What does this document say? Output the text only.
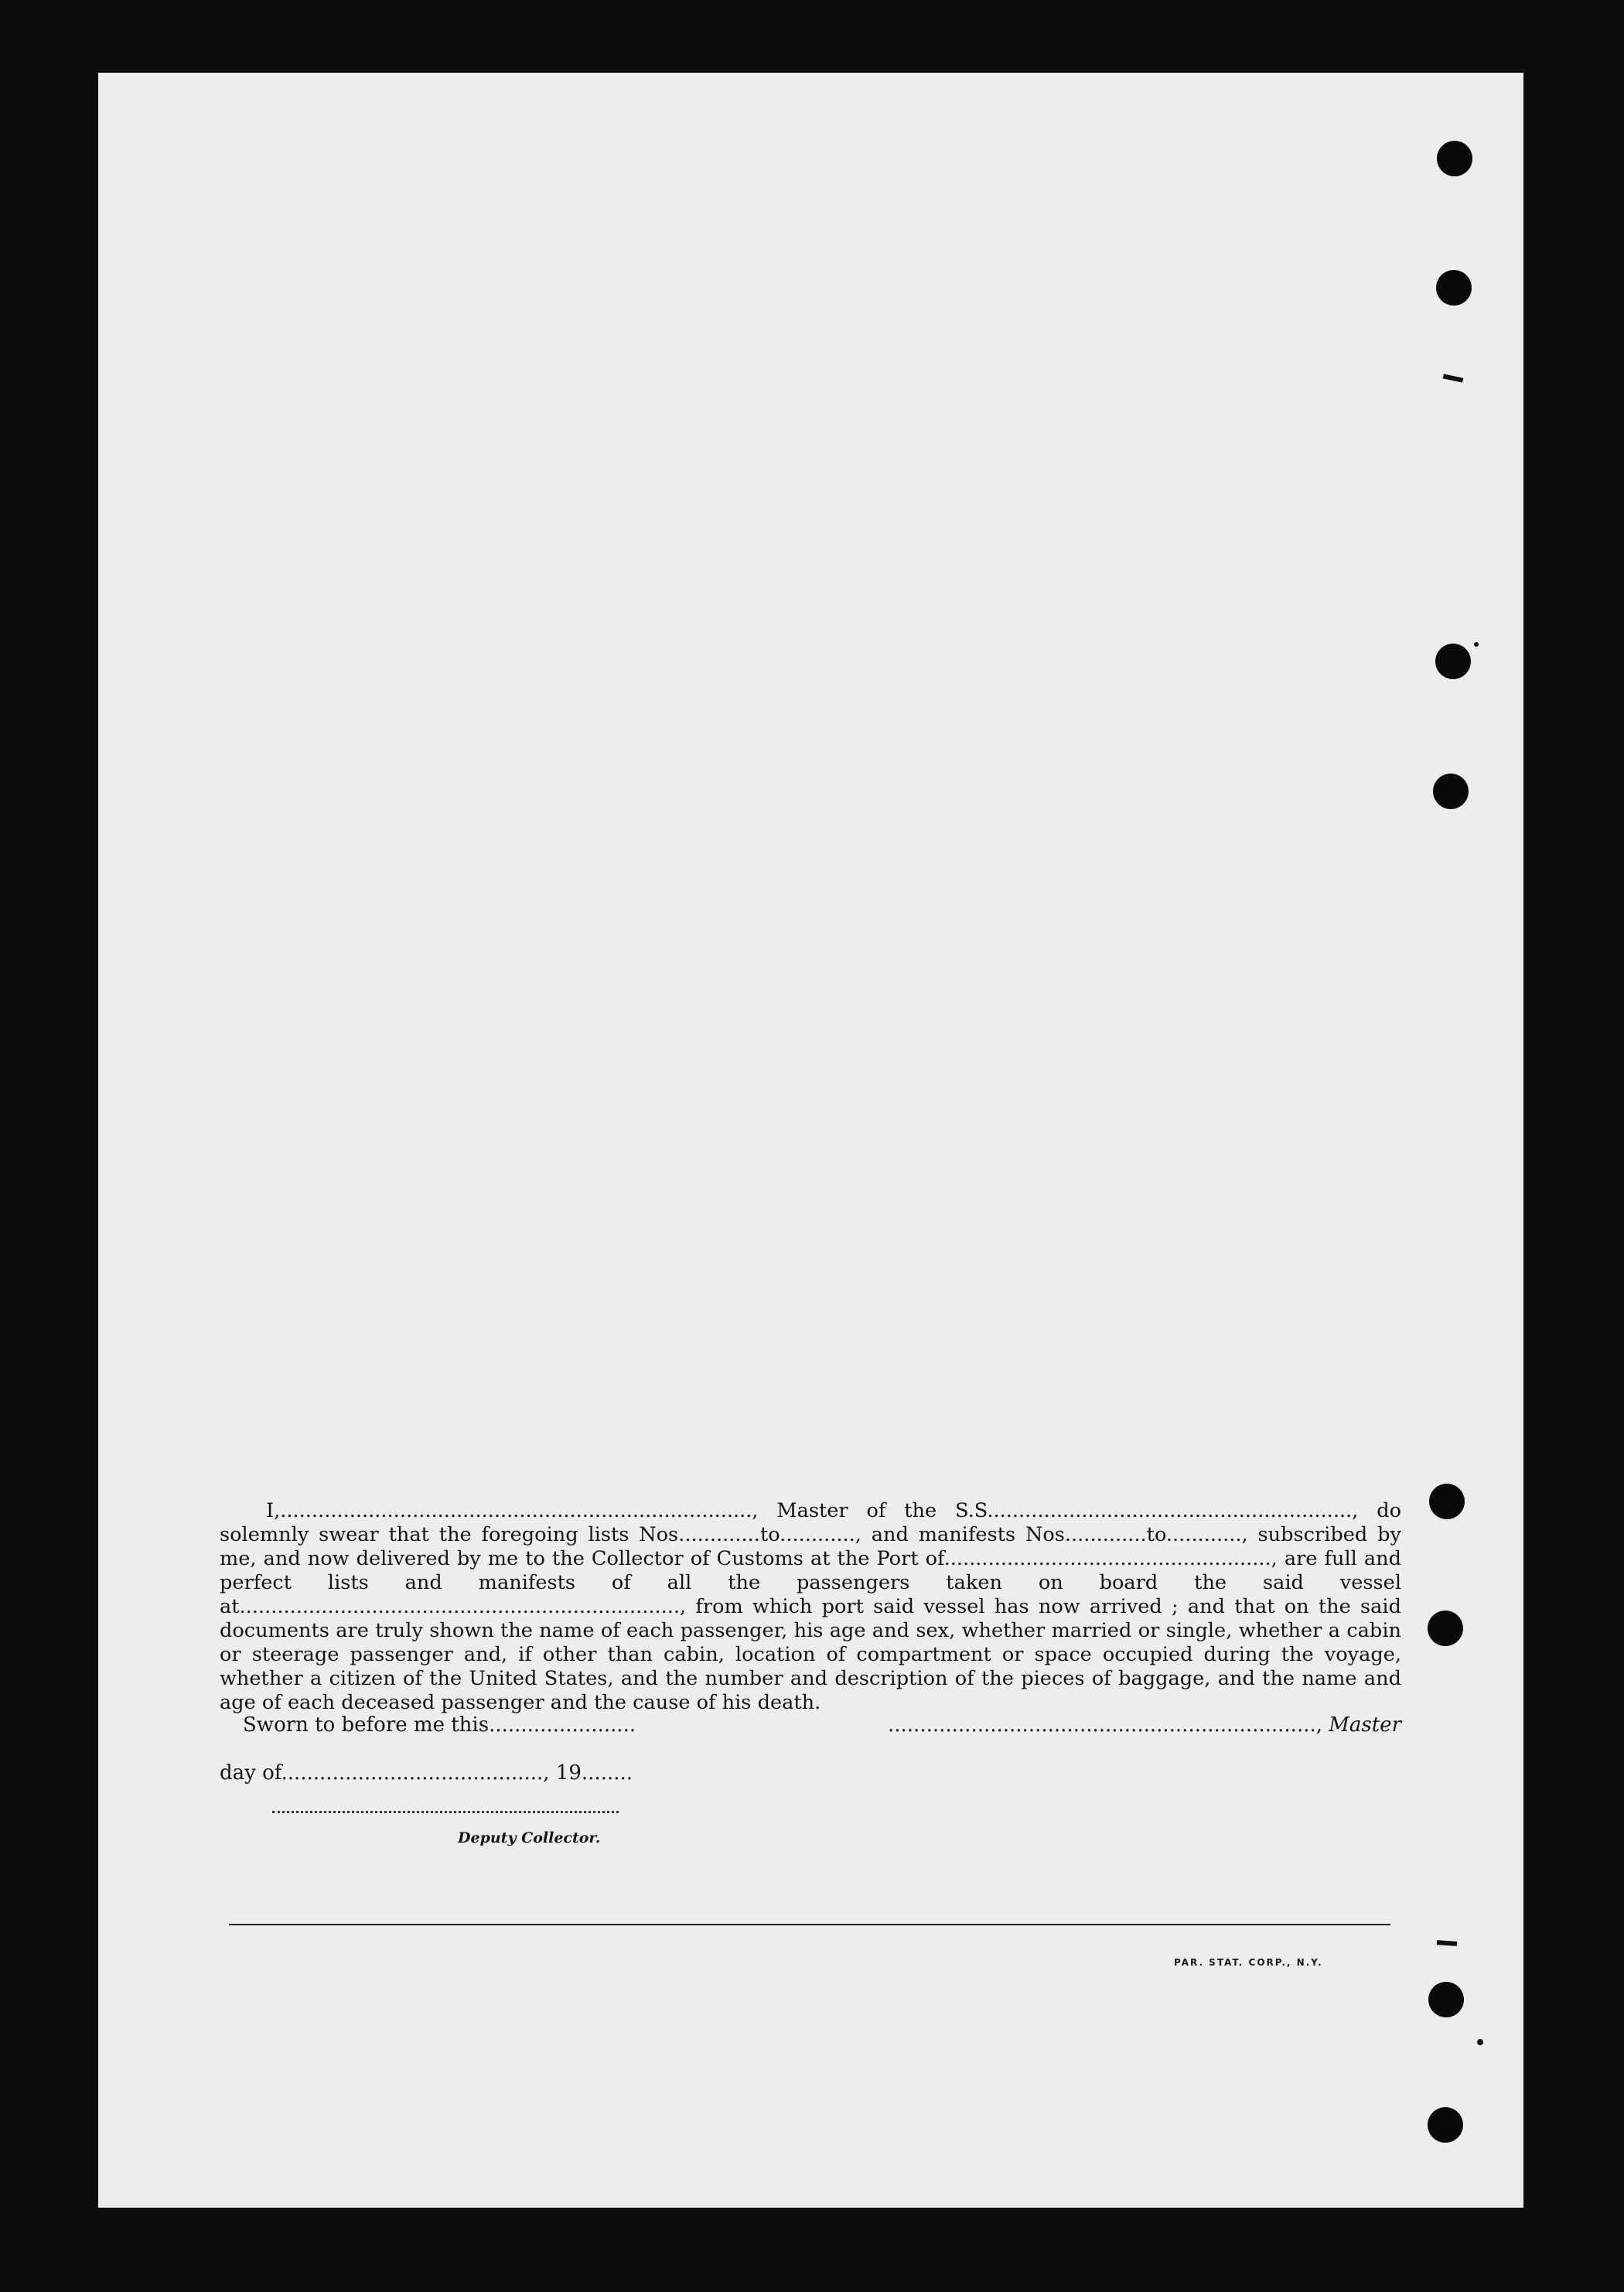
I,..........................................................................., Master of the S.S.........................................................., do solemnly swear that the foregoing lists Nos.............to............, and manifests Nos.............to............, subscribed by me, and now delivered by me to the Collector of Customs at the Port of...................................................., are full and perfect lists and manifests of all the passengers taken on board the said vessel at......................................................................, from which port said vessel has now arrived ; and that on the said documents are truly shown the name of each passenger, his age and sex, whether married or single, whether a cabin or steerage passenger and, if other than cabin, location of compartment or space occupied during the voyage, whether a citizen of the United States, and the number and description of the pieces of baggage, and the name and age of each deceased passenger and the cause of his death.
Sworn to before me this.......................
day of........................................., 19........
Deputy Collector.
..................................................................., Master
PAR. STAT. CORP., N.Y.
